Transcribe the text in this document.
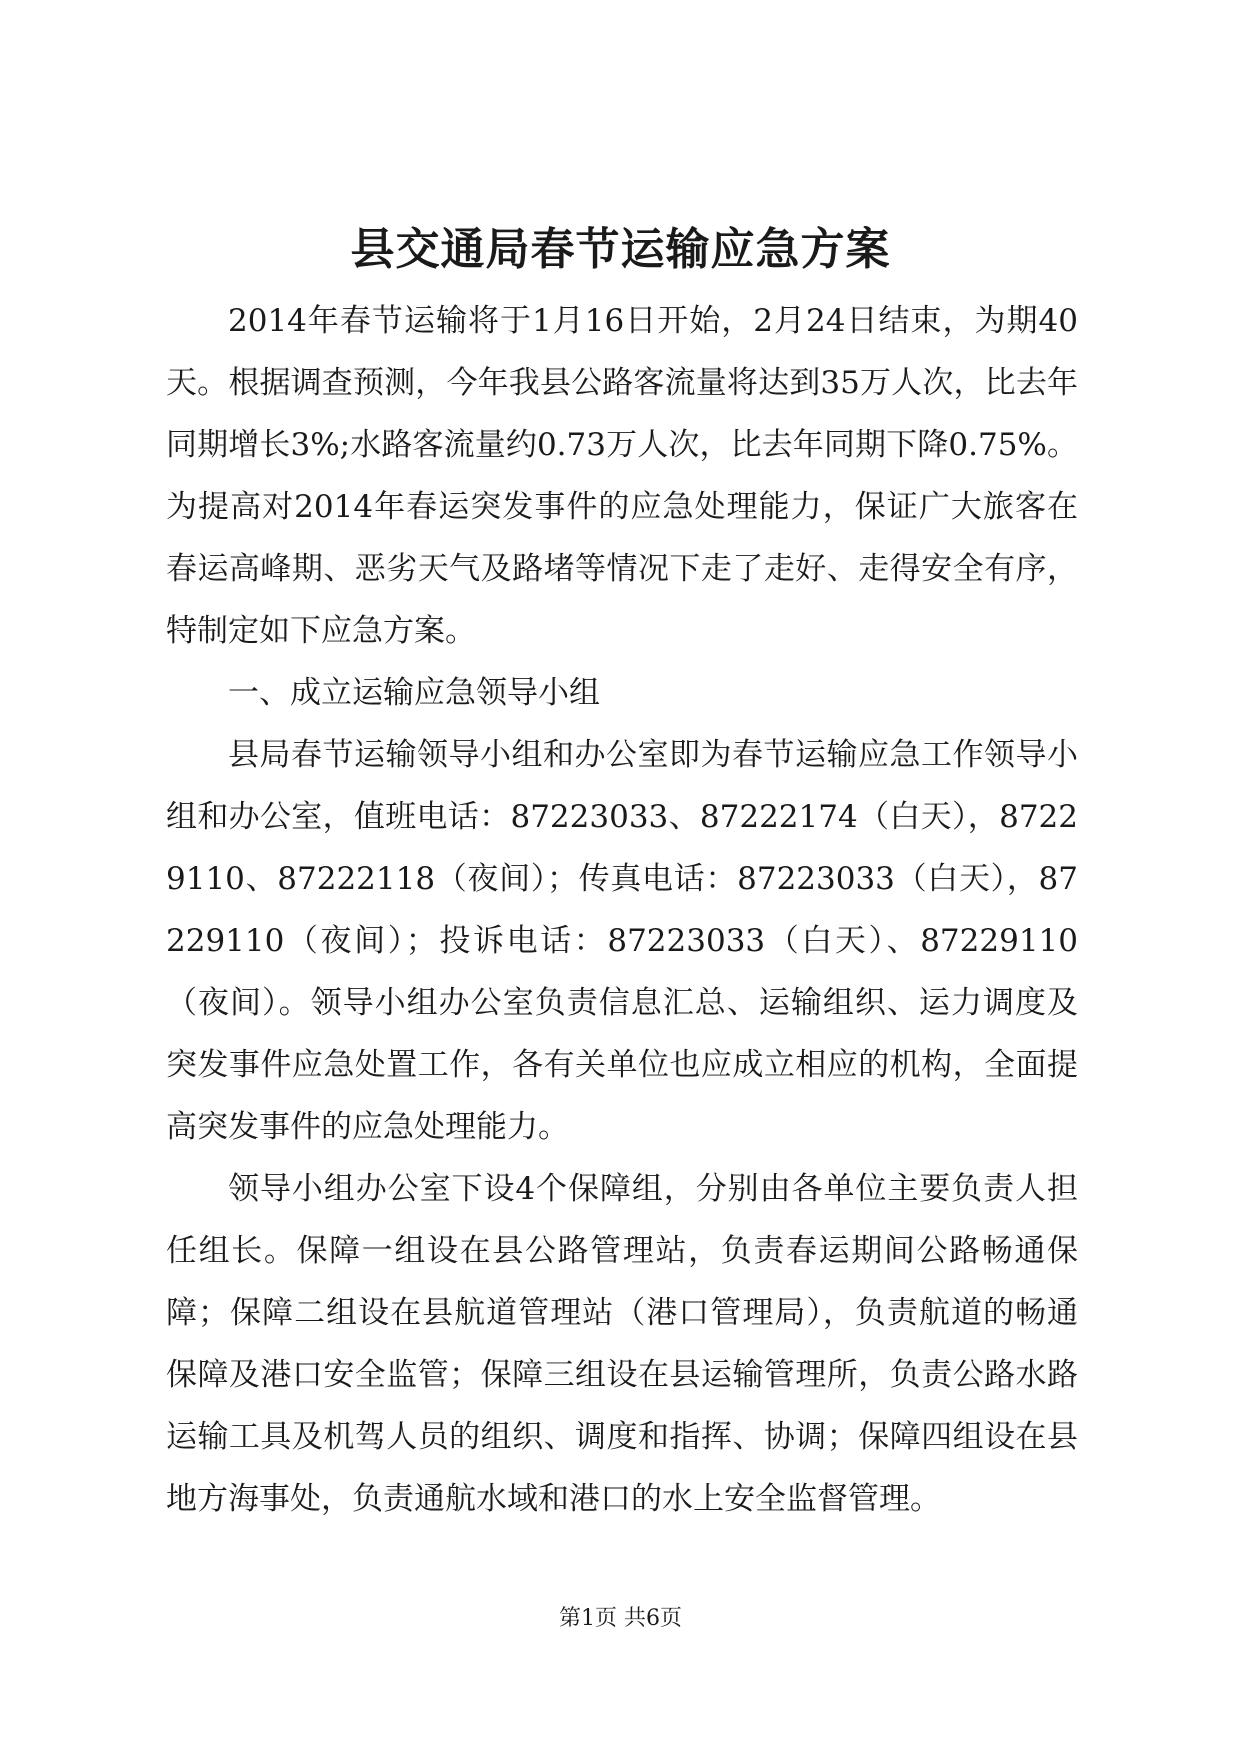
县交通局春节运输应急方案

2014年春节运输将于1月16日开始，2月24日结束，为期40天。根据调查预测，今年我县公路客流量将达到35万人次，比去年同期增长3%;水路客流量约0.73万人次，比去年同期下降0.75%。为提高对2014年春运突发事件的应急处理能力，保证广大旅客在春运高峰期、恶劣天气及路堵等情况下走了走好、走得安全有序，特制定如下应急方案。

一、成立运输应急领导小组

县局春节运输领导小组和办公室即为春节运输应急工作领导小组和办公室，值班电话：87223033、87222174（白天），87229110、87222118（夜间）；传真电话：87223033（白天），87229110（夜间）；投诉电话：87223033（白天）、87229110（夜间）。领导小组办公室负责信息汇总、运输组织、运力调度及突发事件应急处置工作，各有关单位也应成立相应的机构，全面提高突发事件的应急处理能力。

领导小组办公室下设4个保障组，分别由各单位主要负责人担任组长。保障一组设在县公路管理站，负责春运期间公路畅通保障；保障二组设在县航道管理站（港口管理局），负责航道的畅通保障及港口安全监管；保障三组设在县运输管理所，负责公路水路运输工具及机驾人员的组织、调度和指挥、协调；保障四组设在县地方海事处，负责通航水域和港口的水上安全监督管理。

第1页 共6页
